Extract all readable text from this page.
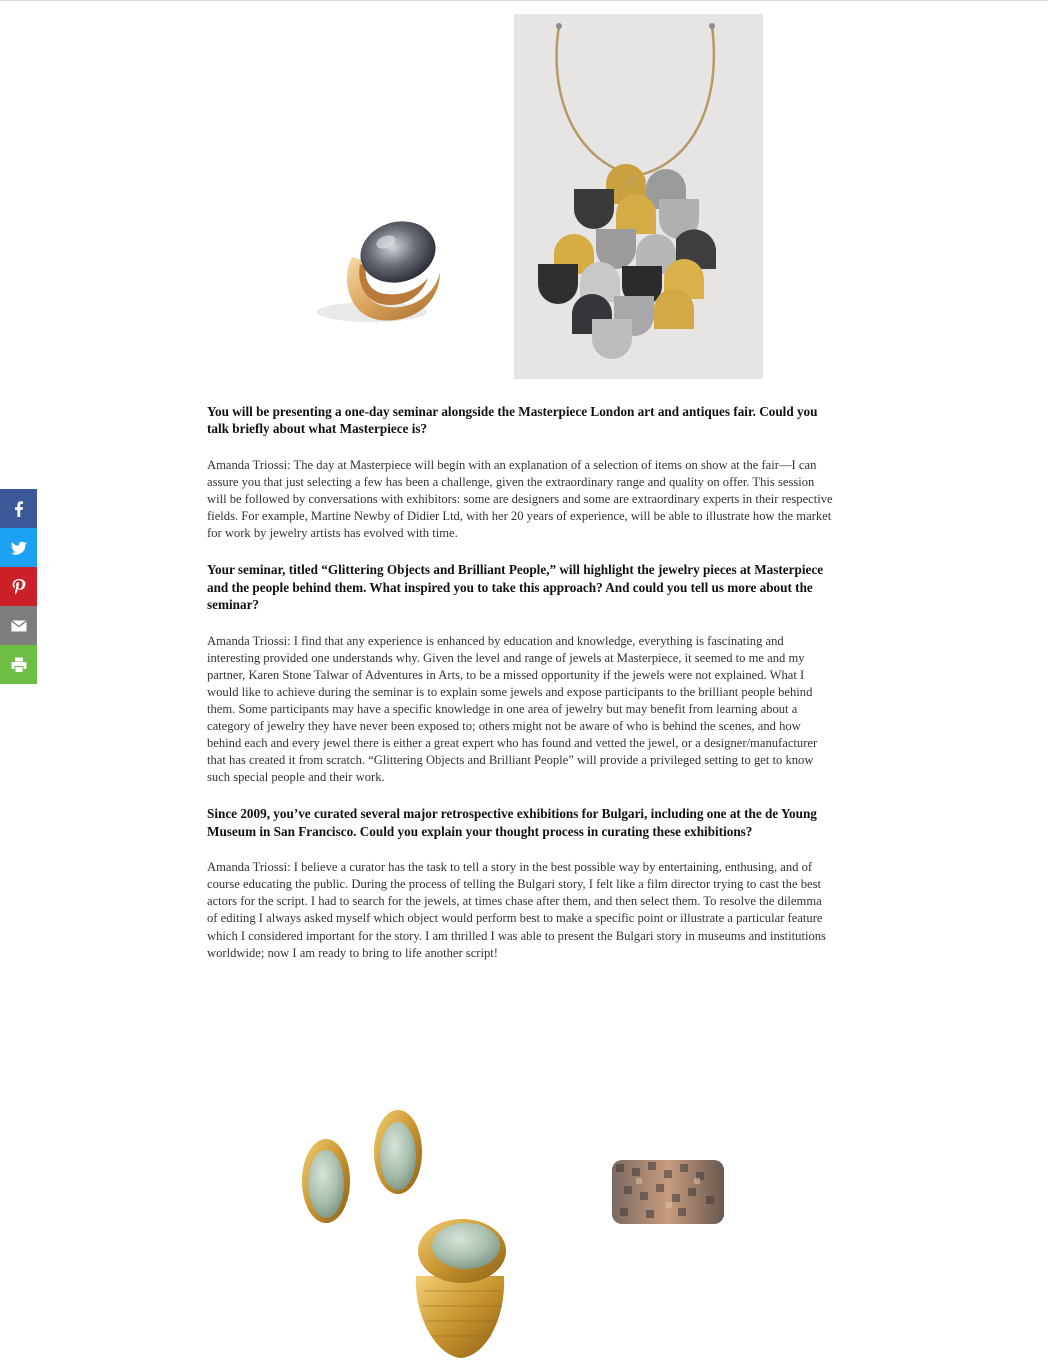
You will be presenting a one-day seminar alongside the Masterpiece London art and antiques fair. Could you talk briefly about what Masterpiece is?

Amanda Triossi: The day at Masterpiece will begin with an explanation of a selection of items on show at the fair—I can assure you that just selecting a few has been a challenge, given the extraordinary range and quality on offer. This session will be followed by conversations with exhibitors: some are designers and some are extraordinary experts in their respective fields. For example, Martine Newby of Didier Ltd, with her 20 years of experience, will be able to illustrate how the market for work by jewelry artists has evolved with time.

Your seminar, titled “Glittering Objects and Brilliant People,” will highlight the jewelry pieces at Masterpiece and the people behind them. What inspired you to take this approach? And could you tell us more about the seminar?

Amanda Triossi: I find that any experience is enhanced by education and knowledge, everything is fascinating and interesting provided one understands why. Given the level and range of jewels at Masterpiece, it seemed to me and my partner, Karen Stone Talwar of Adventures in Arts, to be a missed opportunity if the jewels were not explained. What I would like to achieve during the seminar is to explain some jewels and expose participants to the brilliant people behind them. Some participants may have a specific knowledge in one area of jewelry but may benefit from learning about a category of jewelry they have never been exposed to; others might not be aware of who is behind the scenes, and how behind each and every jewel there is either a great expert who has found and vetted the jewel, or a designer/manufacturer that has created it from scratch. “Glittering Objects and Brilliant People” will provide a privileged setting to get to know such special people and their work.

Since 2009, you’ve curated several major retrospective exhibitions for Bulgari, including one at the de Young Museum in San Francisco. Could you explain your thought process in curating these exhibitions?

Amanda Triossi: I believe a curator has the task to tell a story in the best possible way by entertaining, enthusing, and of course educating the public. During the process of telling the Bulgari story, I felt like a film director trying to cast the best actors for the script. I had to search for the jewels, at times chase after them, and then select them. To resolve the dilemma of editing I always asked myself which object would perform best to make a specific point or illustrate a particular feature which I considered important for the story. I am thrilled I was able to present the Bulgari story in museums and institutions worldwide; now I am ready to bring to life another script!
